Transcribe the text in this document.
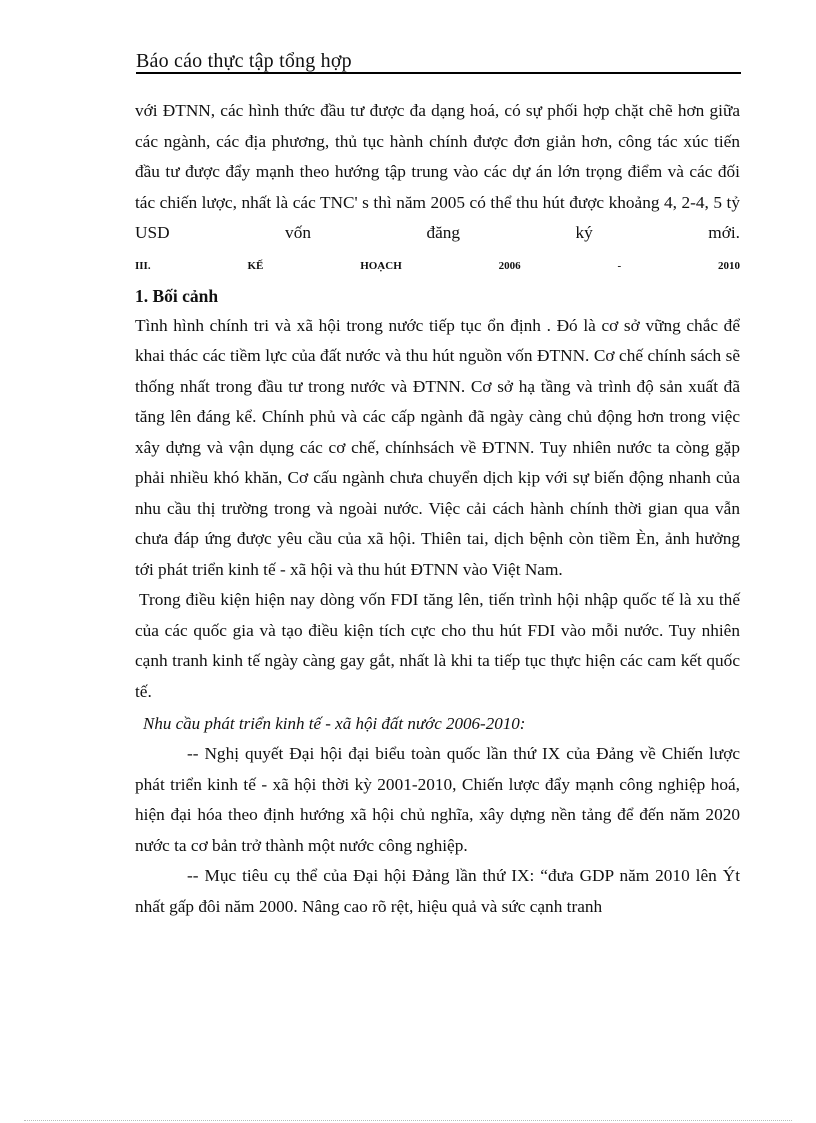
Báo cáo thực tập tổng hợp

với ĐTNN, các hình thức đầu tư được đa dạng hoá, có sự phối hợp chặt chẽ hơn giữa các ngành, các địa phương, thủ tục hành chính được đơn giản hơn, công tác xúc tiến đầu tư được đẩy mạnh theo hướng tập trung vào các dự án lớn trọng điểm và các đối tác chiến lược, nhất là các TNC' s thì năm 2005 có thể thu hút được khoảng 4, 2-4, 5 tỷ USD vốn đăng ký mới.

III.	KẾ	HOẠCH	2006	-	2010
1. Bối cảnh

Tình hình chính tri và xã hội trong nước tiếp tục ổn định . Đó là cơ sở vững chắc để khai thác các tiềm lực của đất nước và thu hút nguồn vốn ĐTNN. Cơ chế chính sách sẽ thống nhất trong đầu tư trong nước và ĐTNN. Cơ sở hạ tầng và trình độ sản xuất đã tăng lên đáng kể. Chính phủ và các cấp ngành đã ngày càng chủ động hơn trong việc xây dựng và vận dụng các cơ chế, chínhsách về ĐTNN. Tuy nhiên nước ta còng gặp phải nhiều khó khăn, Cơ cấu ngành chưa chuyển dịch kịp với sự biến động nhanh của nhu cầu thị trường trong và ngoài nước. Việc cải cách hành chính thời gian qua vẫn chưa đáp ứng được yêu cầu của xã hội. Thiên tai, dịch bệnh còn tiềm Èn, ảnh hưởng tới phát triển kinh tế - xã hội và thu hút ĐTNN vào Việt Nam.

Trong điều kiện hiện nay dòng vốn FDI tăng lên, tiến trình hội nhập quốc tế là xu thế của các quốc gia và tạo điều kiện tích cực cho thu hút FDI vào mỗi nước. Tuy nhiên cạnh tranh kinh tế ngày càng gay gắt, nhất là khi ta tiếp tục thực hiện các cam kết quốc tế.

Nhu cầu phát triển kinh tế - xã hội đất nước 2006-2010:

-- Nghị quyết Đại hội đại biểu toàn quốc lần thứ IX của Đảng về Chiến lược phát triển kinh tế - xã hội thời kỳ 2001-2010, Chiến lược đẩy mạnh công nghiệp hoá, hiện đại hóa theo định hướng xã hội chủ nghĩa, xây dựng nền tảng để đến năm 2020 nước ta cơ bản trở thành một nước công nghiệp.

-- Mục tiêu cụ thể của Đại hội Đảng lần thứ IX: “đưa GDP năm 2010 lên Ýt nhất gấp đôi năm 2000. Nâng cao rõ rệt, hiệu quả và sức cạnh tranh
